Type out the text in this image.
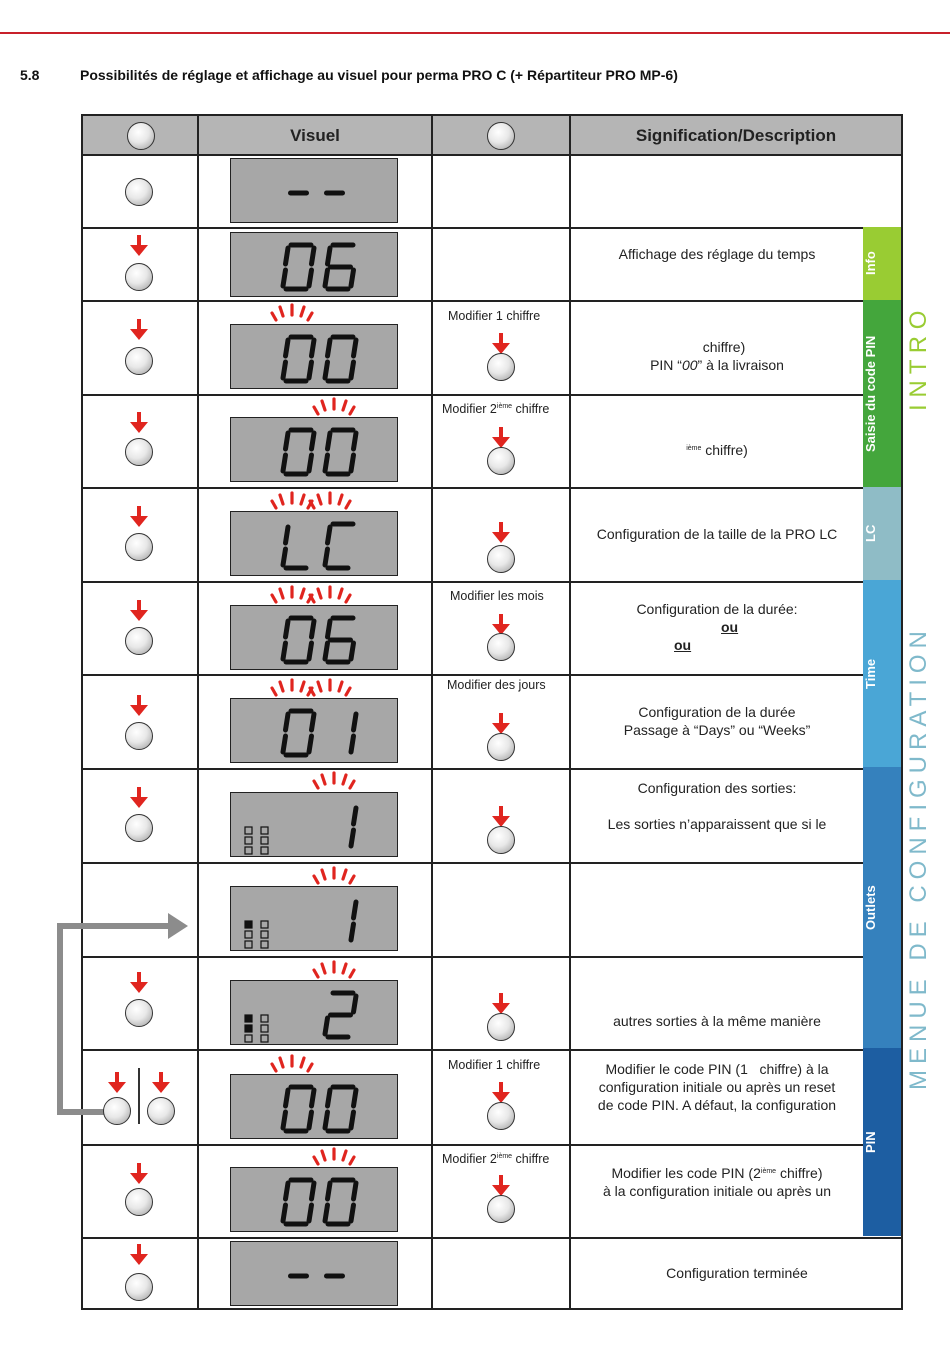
5.8	Possibilités de réglage et affichage au visuel pour perma PRO C (+ Répartiteur PRO MP-6)
Visuel	Signification/Description
Info
Saisie du code PIN
LC
Time
Outlets
PIN
I N T R O
MENUE DE CONFIGURATION
Modifier 1 chiffre
Modifier 2ième chiffre
Modifier les mois
Modifier des jours
Modifier 1 chiffre
Modifier 2ième chiffre
Affichage des réglage du temps
chiffre)
PIN “00” à la livraison
$^{ième}$ chiffre)
Configuration de la taille de la PRO LC
Configuration de la durée:
ou
ou
Configuration de la durée
Passage à “Days” ou “Weeks”
Configuration des sorties:

Les sorties n’apparaissent que si le
autres sorties à la même manière
Modifier le code PIN (1   chiffre) à la
configuration initiale ou après un reset
de code PIN. A défaut, la configuration
Modifier les code PIN (2ième chiffre)
à la configuration initiale ou après un
Configuration terminée
